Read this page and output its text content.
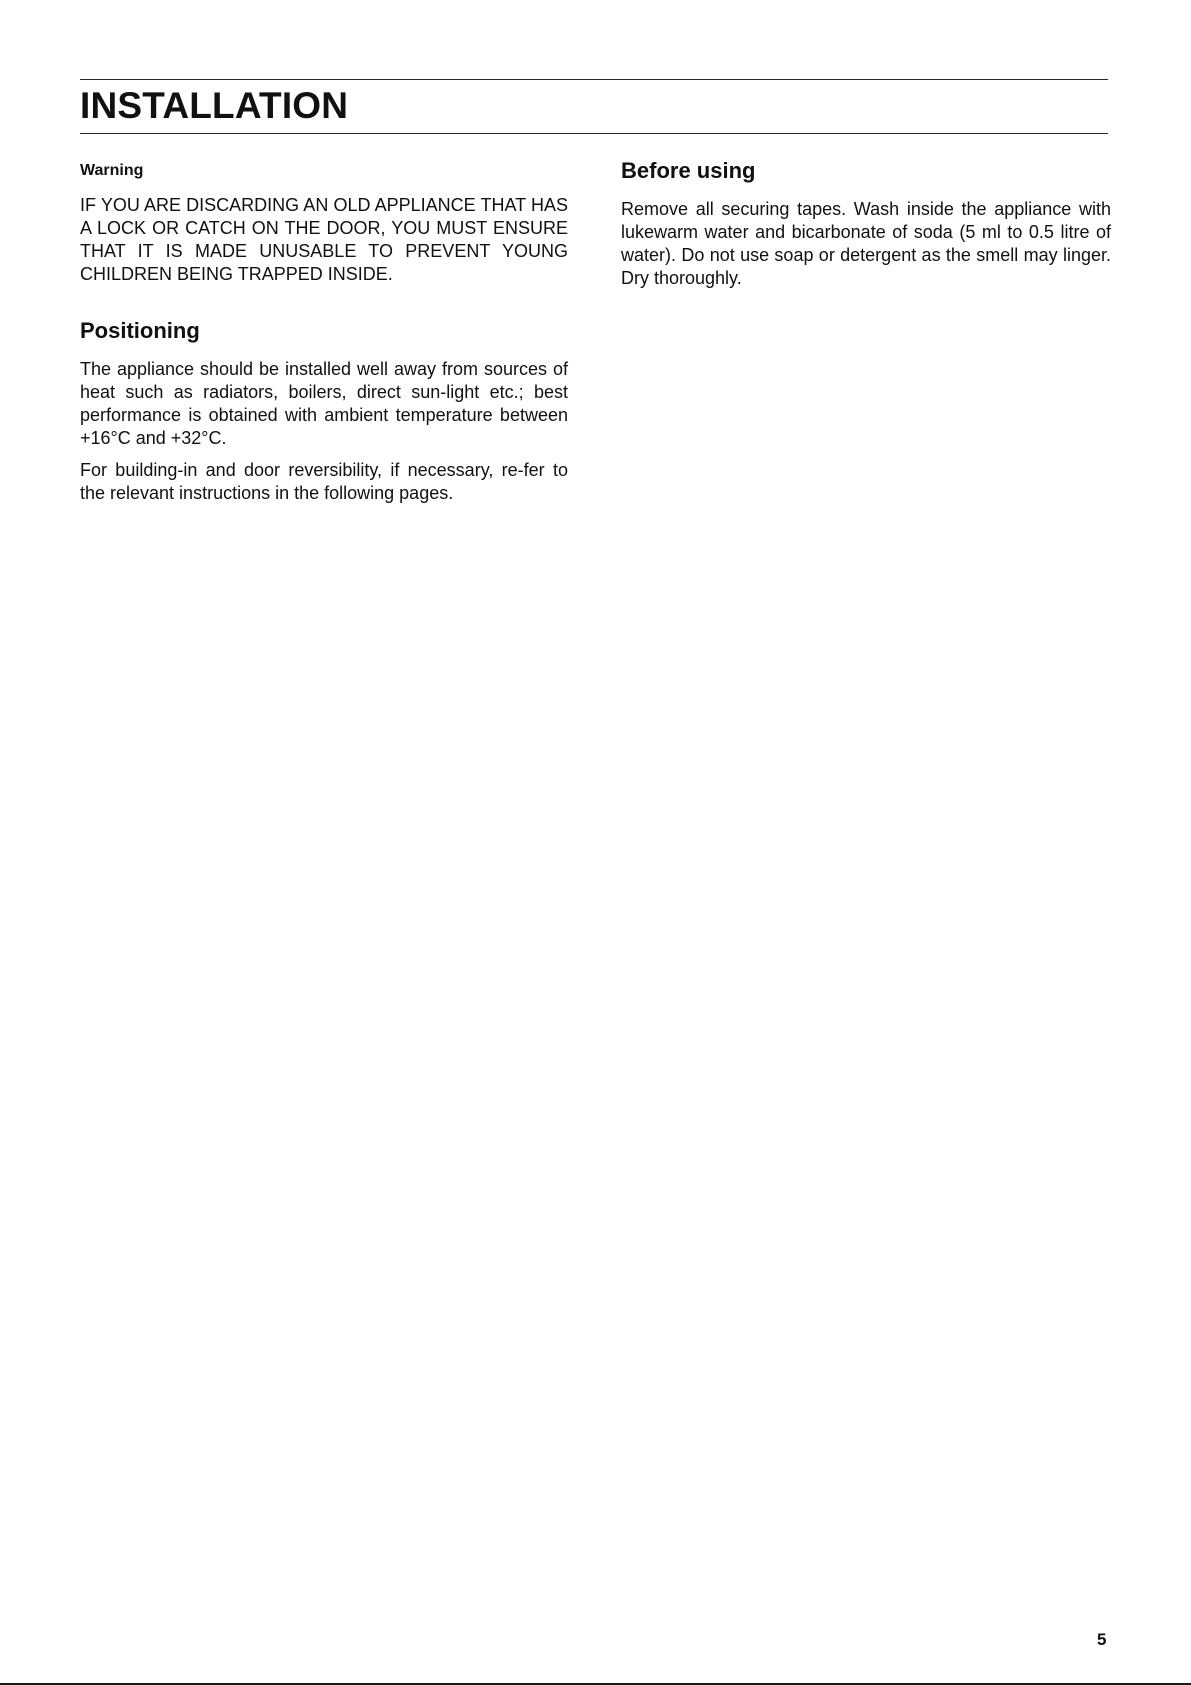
INSTALLATION
Warning

IF YOU ARE DISCARDING AN OLD APPLIANCE THAT HAS A LOCK OR CATCH ON THE DOOR, YOU MUST ENSURE THAT IT IS MADE UNUSABLE TO PREVENT YOUNG CHILDREN BEING TRAPPED INSIDE.

Positioning

The appliance should be installed well away from sources of heat such as radiators, boilers, direct sun-light etc.; best performance is obtained with ambient temperature between +16°C and +32°C.

For building-in and door reversibility, if necessary, re-fer to the relevant instructions in the following pages.

Before using

Remove all securing tapes. Wash inside the appliance with lukewarm water and bicarbonate of soda (5 ml to 0.5 litre of water). Do not use soap or detergent as the smell may linger. Dry thoroughly.

5
